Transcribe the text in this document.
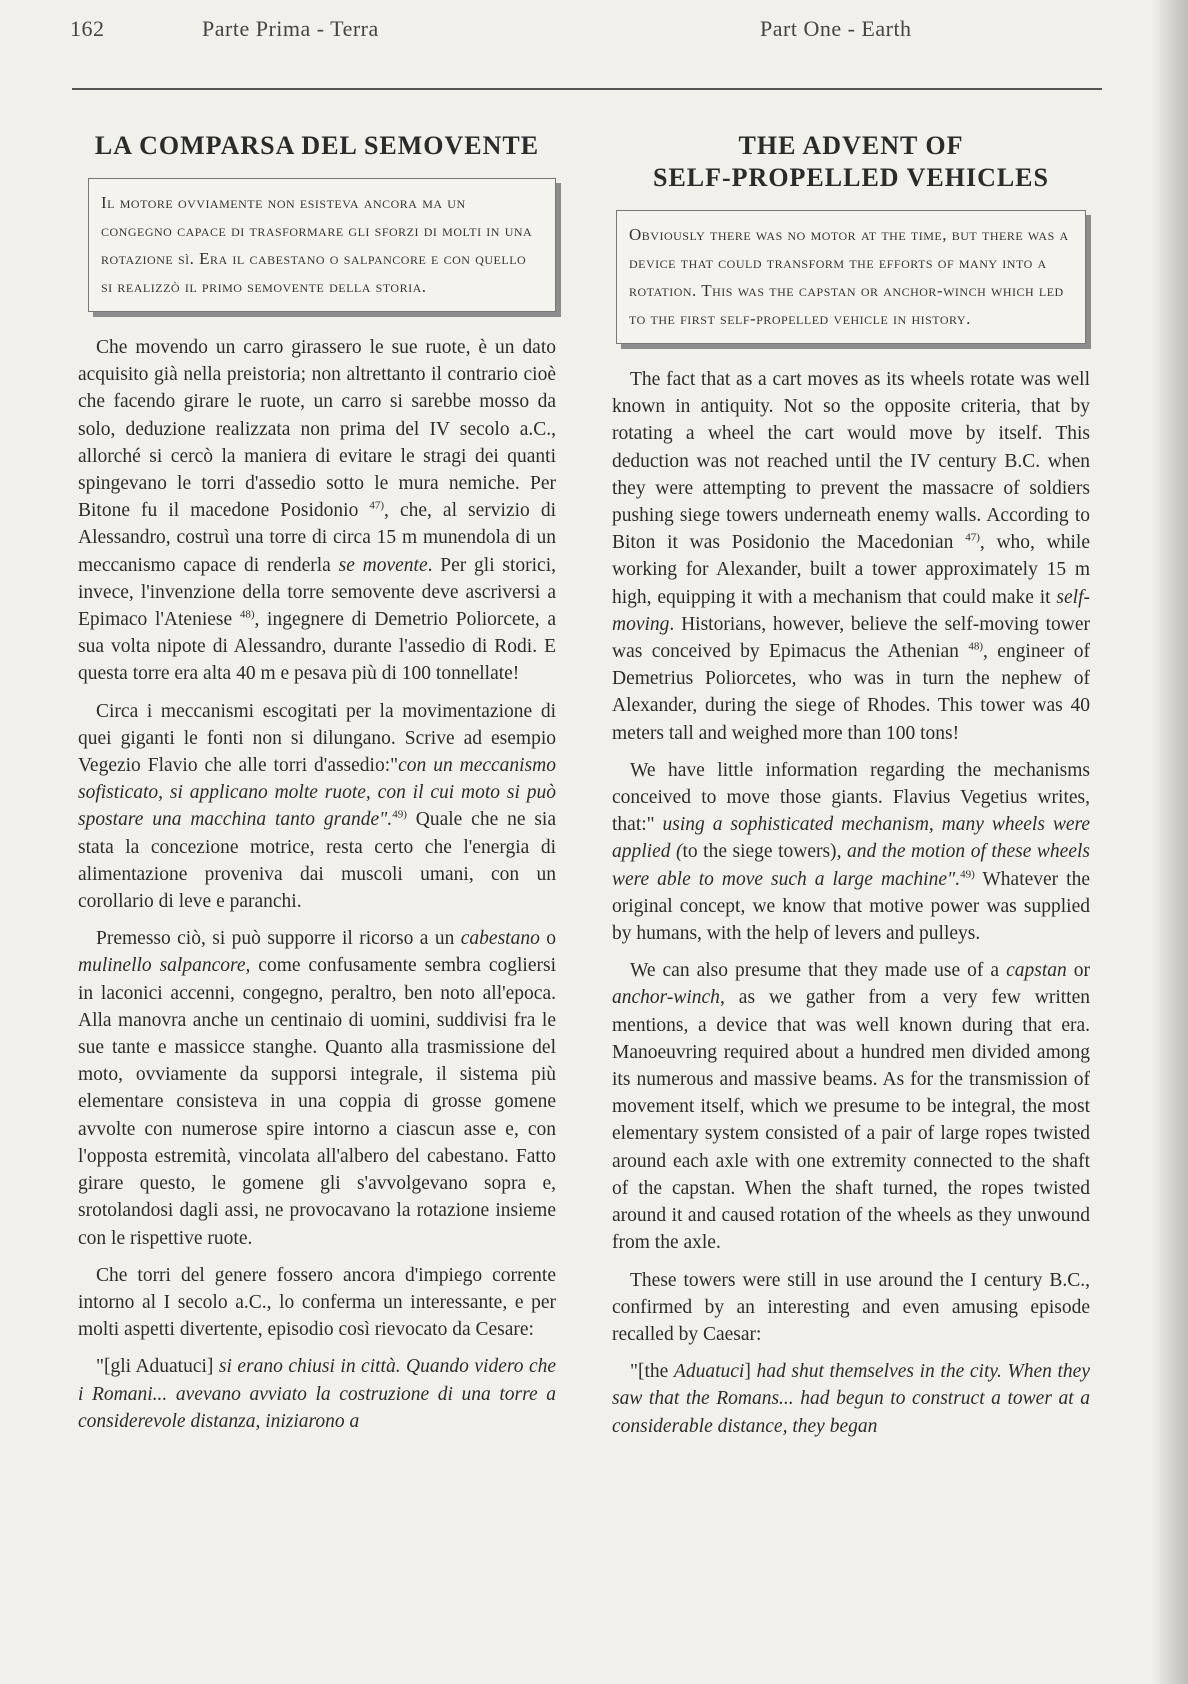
162	Parte Prima - Terra	Part One - Earth
LA COMPARSA DEL SEMOVENTE
Il motore ovviamente non esisteva ancora ma un congegno capace di trasformare gli sforzi di molti in una rotazione sì. Era il cabestano o salpancore e con quello si realizzò il primo semovente della storia.

Che movendo un carro girassero le sue ruote, è un dato acquisito già nella preistoria; non altrettanto il contrario cioè che facendo girare le ruote, un carro si sarebbe mosso da solo, deduzione realizzata non prima del IV secolo a.C., allorché si cercò la maniera di evitare le stragi dei quanti spingevano le torri d'assedio sotto le mura nemiche. Per Bitone fu il macedone Posidonio $^{47)}$, che, al servizio di Alessandro, costruì una torre di circa 15 m munendola di un meccanismo capace di renderla se movente. Per gli storici, invece, l'invenzione della torre semovente deve ascriversi a Epimaco l'Ateniese $^{48)}$, ingegnere di Demetrio Poliorcete, a sua volta nipote di Alessandro, durante l'assedio di Rodi. E questa torre era alta 40 m e pesava più di 100 tonnellate!

Circa i meccanismi escogitati per la movimentazione di quei giganti le fonti non si dilungano. Scrive ad esempio Vegezio Flavio che alle torri d'assedio:"con un meccanismo sofisticato, si applicano molte ruote, con il cui moto si può spostare una macchina tanto grande".$^{49)}$ Quale che ne sia stata la concezione motrice, resta certo che l'energia di alimentazione proveniva dai muscoli umani, con un corollario di leve e paranchi.

Premesso ciò, si può supporre il ricorso a un cabestano o mulinello salpancore, come confusamente sembra cogliersi in laconici accenni, congegno, peraltro, ben noto all'epoca. Alla manovra anche un centinaio di uomini, suddivisi fra le sue tante e massicce stanghe. Quanto alla trasmissione del moto, ovviamente da supporsi integrale, il sistema più elementare consisteva in una coppia di grosse gomene avvolte con numerose spire intorno a ciascun asse e, con l'opposta estremità, vincolata all'albero del cabestano. Fatto girare questo, le gomene gli s'avvolgevano sopra e, srotolandosi dagli assi, ne provocavano la rotazione insieme con le rispettive ruote.

Che torri del genere fossero ancora d'impiego corrente intorno al I secolo a.C., lo conferma un interessante, e per molti aspetti divertente, episodio così rievocato da Cesare:

"[gli Aduatuci] si erano chiusi in città. Quando videro che i Romani... avevano avviato la costruzione di una torre a considerevole distanza, iniziarono a

THE ADVENT OF
SELF-PROPELLED VEHICLES
Obviously there was no motor at the time, but there was a device that could transform the efforts of many into a rotation. This was the capstan or anchor-winch which led to the first self-propelled vehicle in history.

The fact that as a cart moves as its wheels rotate was well known in antiquity. Not so the opposite criteria, that by rotating a wheel the cart would move by itself. This deduction was not reached until the IV century B.C. when they were attempting to prevent the massacre of soldiers pushing siege towers underneath enemy walls. According to Biton it was Posidonio the Macedonian $^{47)}$, who, while working for Alexander, built a tower approximately 15 m high, equipping it with a mechanism that could make it self-moving. Historians, however, believe the self-moving tower was conceived by Epimacus the Athenian $^{48)}$, engineer of Demetrius Poliorcetes, who was in turn the nephew of Alexander, during the siege of Rhodes. This tower was 40 meters tall and weighed more than 100 tons!

We have little information regarding the mechanisms conceived to move those giants. Flavius Vegetius writes, that:" using a sophisticated mechanism, many wheels were applied (to the siege towers), and the motion of these wheels were able to move such a large machine".$^{49)}$ Whatever the original concept, we know that motive power was supplied by humans, with the help of levers and pulleys.

We can also presume that they made use of a capstan or anchor-winch, as we gather from a very few written mentions, a device that was well known during that era. Manoeuvring required about a hundred men divided among its numerous and massive beams. As for the transmission of movement itself, which we presume to be integral, the most elementary system consisted of a pair of large ropes twisted around each axle with one extremity connected to the shaft of the capstan. When the shaft turned, the ropes twisted around it and caused rotation of the wheels as they unwound from the axle.

These towers were still in use around the I century B.C., confirmed by an interesting and even amusing episode recalled by Caesar:

"[the Aduatuci] had shut themselves in the city. When they saw that the Romans... had begun to construct a tower at a considerable distance, they began
